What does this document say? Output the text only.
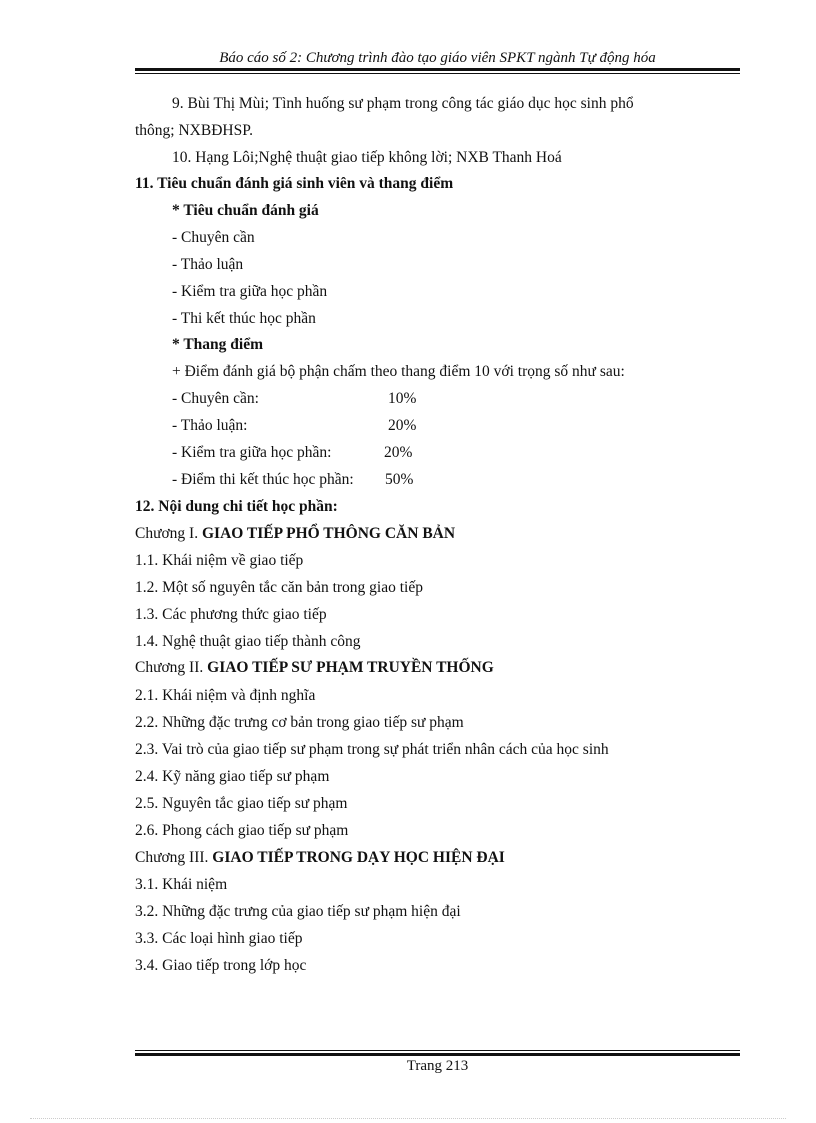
Báo cáo số 2: Chương trình đào tạo giáo viên SPKT ngành Tự động hóa
9. Bùi Thị Mùi; Tình huống sư phạm trong công tác giáo dục học sinh phổ
thông; NXBĐHSP.
10. Hạng Lôi;Nghệ thuật giao tiếp không lời; NXB Thanh Hoá
11. Tiêu chuẩn đánh giá sinh viên và thang điểm
* Tiêu chuẩn đánh giá
- Chuyên cần
- Thảo luận
- Kiểm tra giữa học phần
- Thi kết thúc học phần
* Thang điểm
+ Điểm đánh giá bộ phận chấm theo thang điểm 10 với trọng số như sau:
- Chuyên cần:	10%
- Thảo luận:	20%
- Kiểm tra giữa học phần:	20%
- Điểm thi kết thúc học phần: 50%
12. Nội dung chi tiết học phần:
Chương I. GIAO TIẾP PHỔ THÔNG CĂN BẢN
1.1. Khái niệm về giao tiếp
1.2. Một số nguyên tắc căn bản trong giao tiếp
1.3. Các phương thức giao tiếp
1.4. Nghệ thuật giao tiếp thành công
Chương II. GIAO TIẾP SƯ PHẠM TRUYỀN THỐNG
2.1. Khái niệm và định nghĩa
2.2. Những đặc trưng cơ bản trong giao tiếp sư phạm
2.3. Vai trò của giao tiếp sư phạm trong sự phát triển nhân cách của học sinh
2.4. Kỹ năng giao tiếp sư phạm
2.5. Nguyên tắc giao tiếp sư phạm
2.6. Phong cách giao tiếp sư phạm
Chương III. GIAO TIẾP TRONG DẠY HỌC HIỆN ĐẠI
3.1. Khái niệm
3.2. Những đặc trưng của giao tiếp sư phạm hiện đại
3.3. Các loại hình giao tiếp
3.4. Giao tiếp trong lớp học
Trang 213
